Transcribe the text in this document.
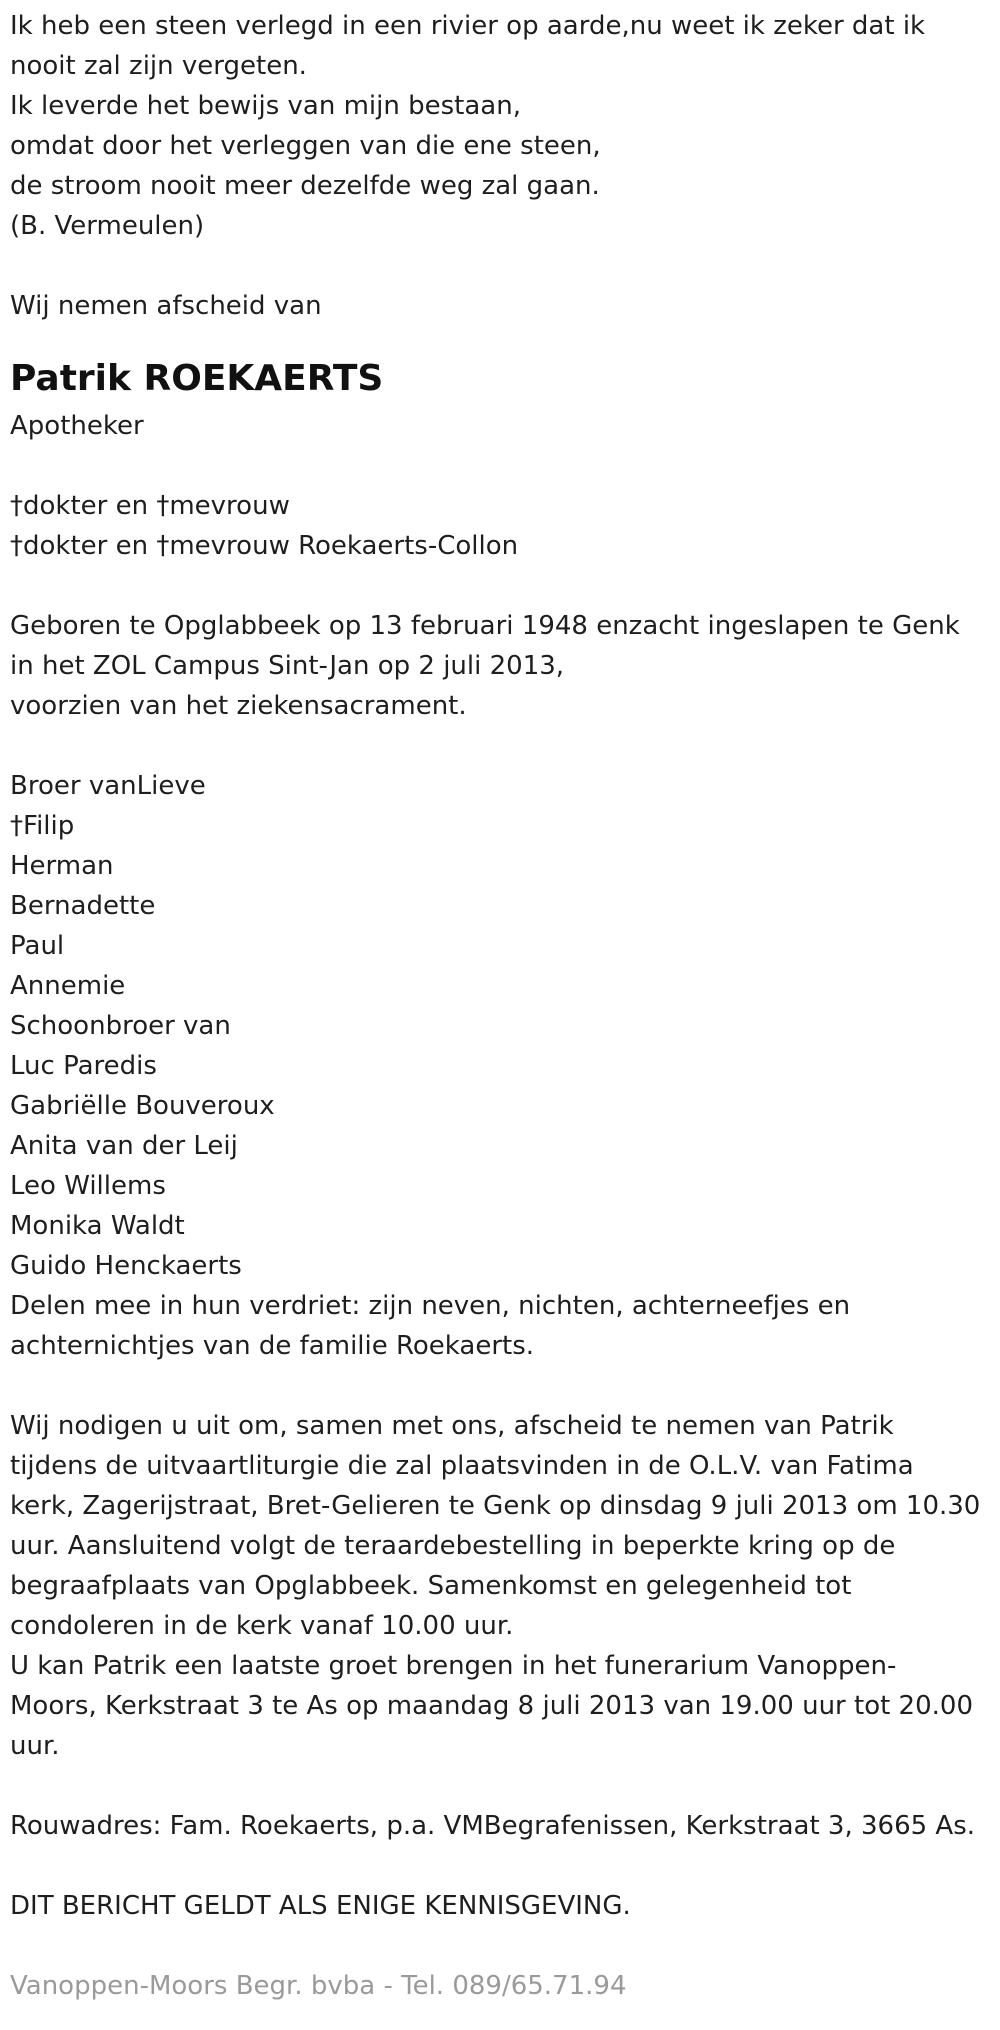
Ik heb een steen verlegd in een rivier op aarde,nu weet ik zeker dat ik
nooit zal zijn vergeten.
Ik leverde het bewijs van mijn bestaan,
omdat door het verleggen van die ene steen,
de stroom nooit meer dezelfde weg zal gaan.
(B. Vermeulen)
Wij nemen afscheid van
Patrik ROEKAERTS
Apotheker
†dokter en †mevrouw
†dokter en †mevrouw Roekaerts-Collon
Geboren te Opglabbeek op 13 februari 1948 enzacht ingeslapen te Genk
in het ZOL Campus Sint-Jan op 2 juli 2013,
voorzien van het ziekensacrament.
Broer vanLieve
†Filip
Herman
Bernadette
Paul
Annemie
Schoonbroer van
Luc Paredis
Gabriëlle Bouveroux
Anita van der Leij
Leo Willems
Monika Waldt
Guido Henckaerts
Delen mee in hun verdriet: zijn neven, nichten, achterneefjes en
achternichtjes van de familie Roekaerts.
Wij nodigen u uit om, samen met ons, afscheid te nemen van Patrik
tijdens de uitvaartliturgie die zal plaatsvinden in de O.L.V. van Fatima
kerk, Zagerijstraat, Bret-Gelieren te Genk op dinsdag 9 juli 2013 om 10.30
uur. Aansluitend volgt de teraardebestelling in beperkte kring op de
begraafplaats van Opglabbeek. Samenkomst en gelegenheid tot
condoleren in de kerk vanaf 10.00 uur.
U kan Patrik een laatste groet brengen in het funerarium Vanoppen-
Moors, Kerkstraat 3 te As op maandag 8 juli 2013 van 19.00 uur tot 20.00
uur.
Rouwadres: Fam. Roekaerts, p.a. VMBegrafenissen, Kerkstraat 3, 3665 As.
DIT BERICHT GELDT ALS ENIGE KENNISGEVING.
Vanoppen-Moors Begr. bvba - Tel. 089/65.71.94
